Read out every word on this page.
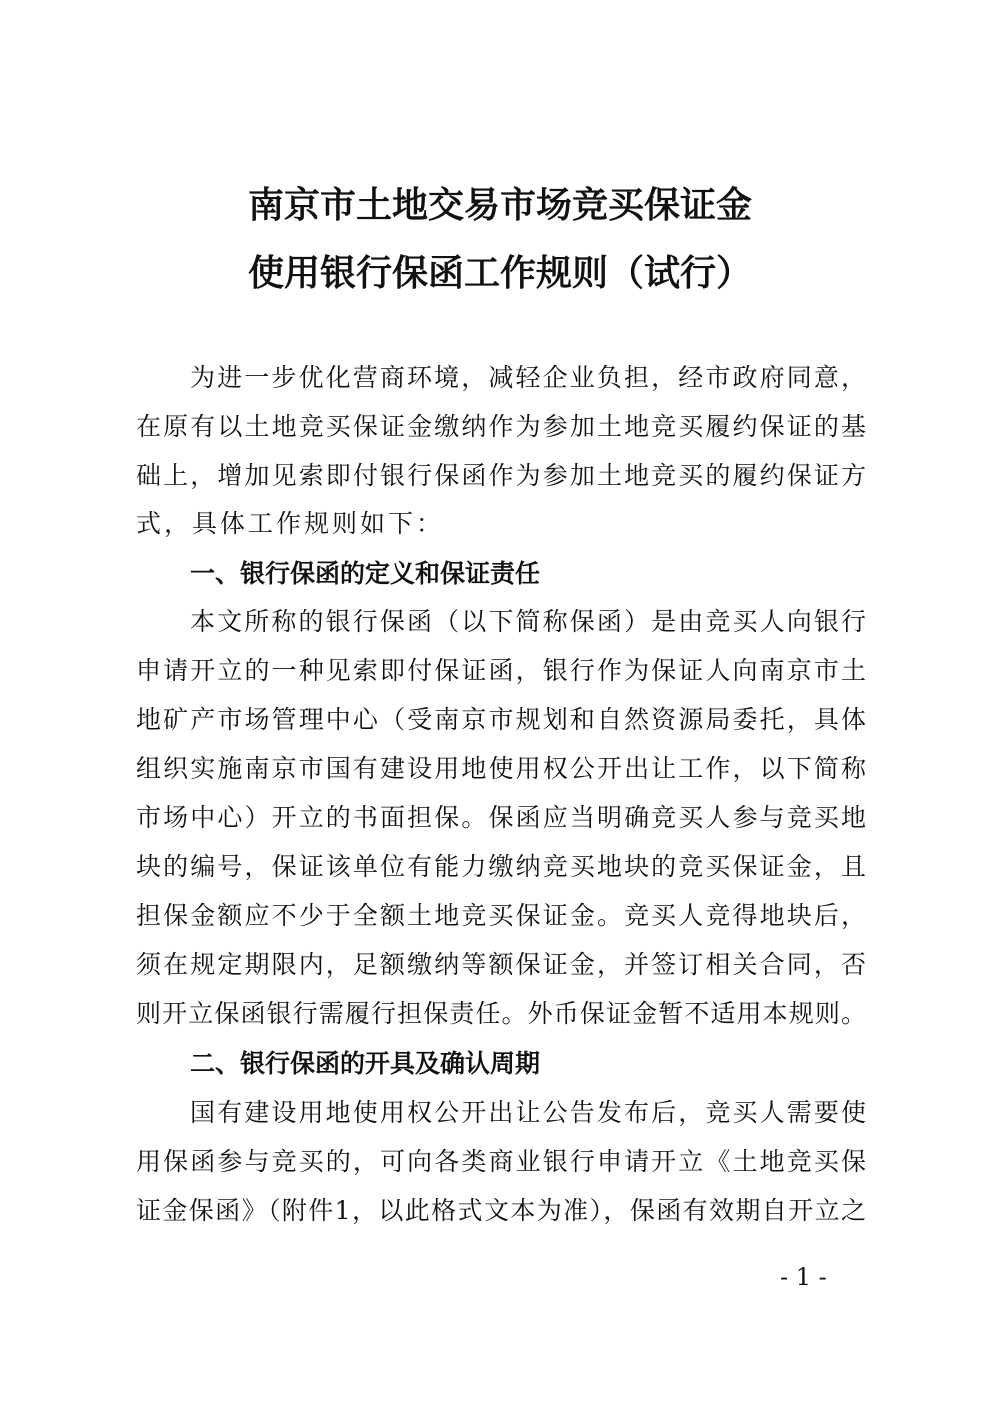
南京市土地交易市场竞买保证金
使用银行保函工作规则（试行）
为进一步优化营商环境，减轻企业负担，经市政府同意，
在原有以土地竞买保证金缴纳作为参加土地竞买履约保证的基
础上，增加见索即付银行保函作为参加土地竞买的履约保证方
式，具体工作规则如下：
一、银行保函的定义和保证责任
本文所称的银行保函（以下简称保函）是由竞买人向银行
申请开立的一种见索即付保证函，银行作为保证人向南京市土
地矿产市场管理中心（受南京市规划和自然资源局委托，具体
组织实施南京市国有建设用地使用权公开出让工作，以下简称
市场中心）开立的书面担保。保函应当明确竞买人参与竞买地
块的编号，保证该单位有能力缴纳竞买地块的竞买保证金，且
担保金额应不少于全额土地竞买保证金。竞买人竞得地块后，
须在规定期限内，足额缴纳等额保证金，并签订相关合同，否
则开立保函银行需履行担保责任。外币保证金暂不适用本规则。
二、银行保函的开具及确认周期
国有建设用地使用权公开出让公告发布后，竞买人需要使
用保函参与竞买的，可向各类商业银行申请开立《土地竞买保
证金保函》（附件1，以此格式文本为准），保函有效期自开立之
- 1 -
